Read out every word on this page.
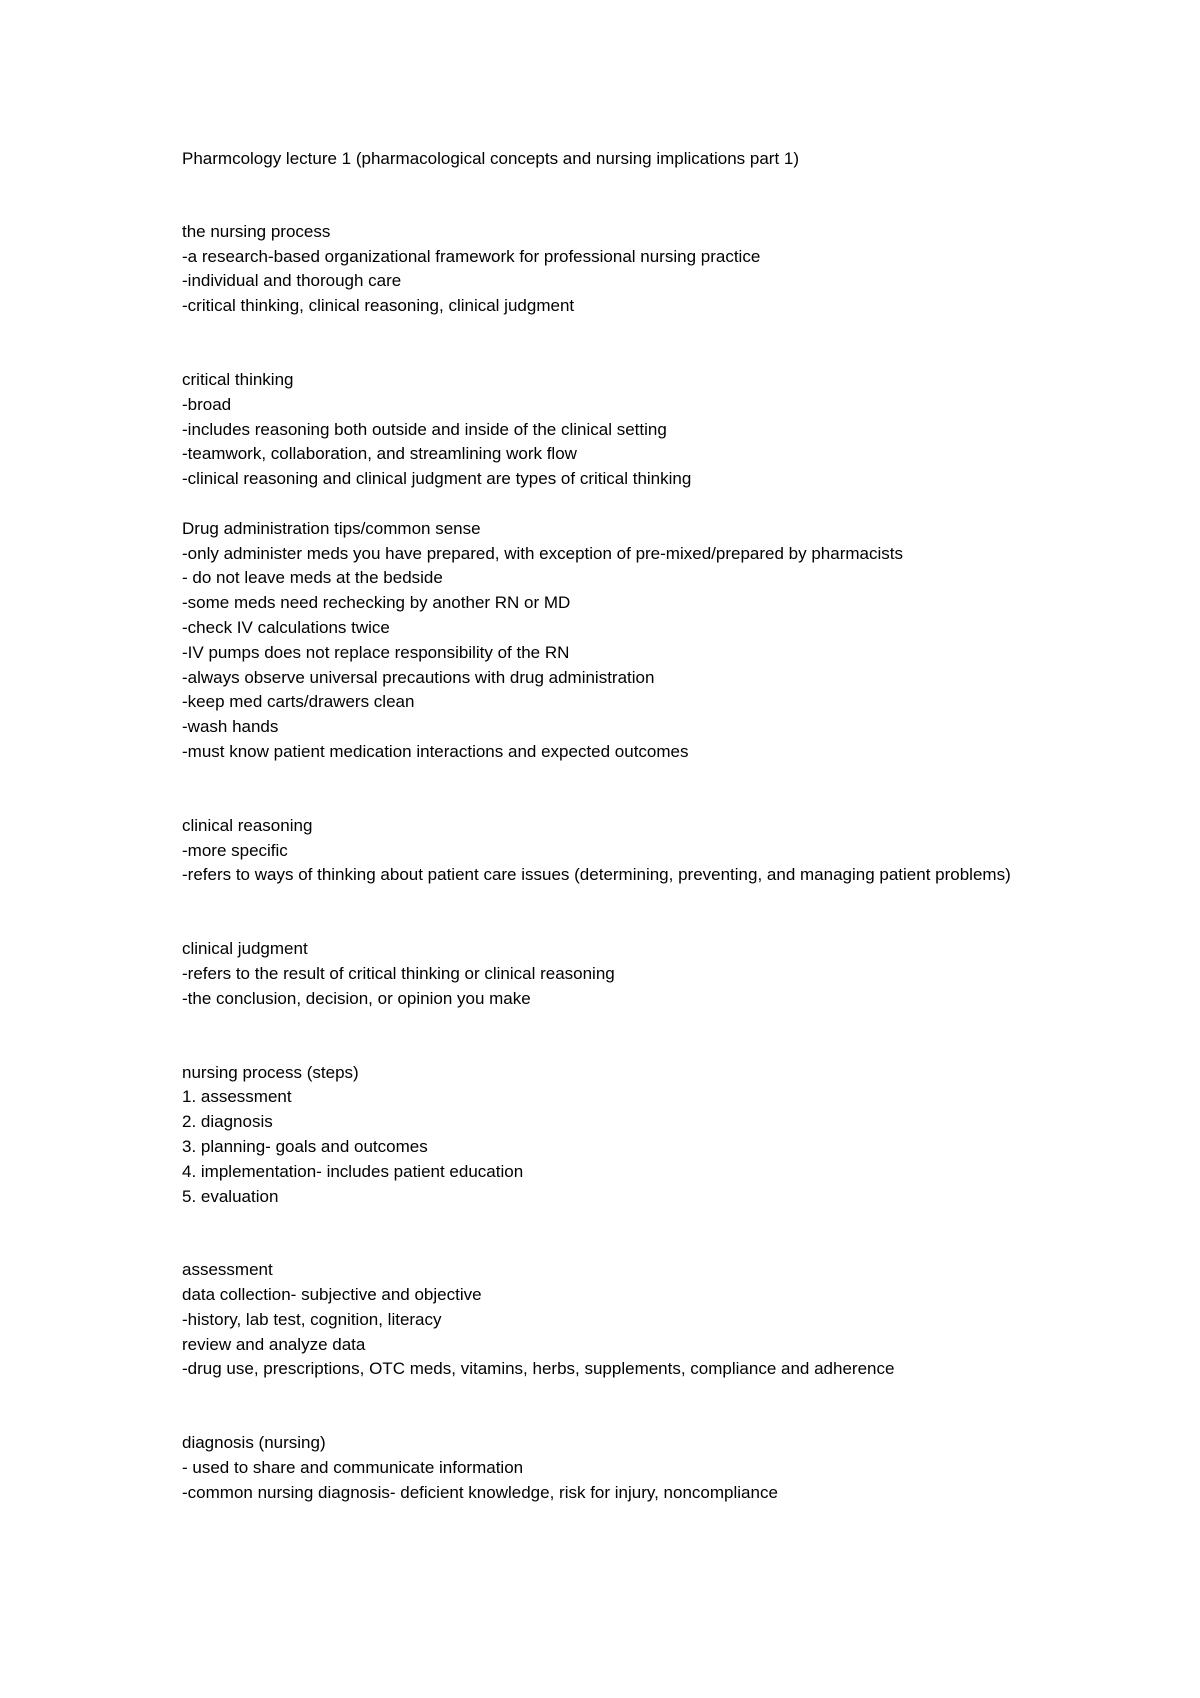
Pharmcology lecture 1 (pharmacological concepts and nursing implications part 1)

the nursing process

-a research-based organizational framework for professional nursing practice

-individual and thorough care

-critical thinking, clinical reasoning, clinical judgment

critical thinking

-broad

-includes reasoning both outside and inside of the clinical setting

-teamwork, collaboration, and streamlining work flow

-clinical reasoning and clinical judgment are types of critical thinking

Drug administration tips/common sense

-only administer meds you have prepared, with exception of pre-mixed/prepared by pharmacists

- do not leave meds at the bedside

-some meds need rechecking by another RN or MD

-check IV calculations twice

-IV pumps does not replace responsibility of the RN

-always observe universal precautions with drug administration

-keep med carts/drawers clean

-wash hands

-must know patient medication interactions and expected outcomes

clinical reasoning

-more specific

-refers to ways of thinking about patient care issues (determining, preventing, and managing patient problems)

clinical judgment

-refers to the result of critical thinking or clinical reasoning

-the conclusion, decision, or opinion you make

nursing process (steps)

1. assessment

2. diagnosis

3. planning- goals and outcomes

4. implementation- includes patient education

5. evaluation

assessment

data collection- subjective and objective

-history, lab test, cognition, literacy

review and analyze data

-drug use, prescriptions, OTC meds, vitamins, herbs, supplements, compliance and adherence

diagnosis (nursing)

- used to share and communicate information

-common nursing diagnosis- deficient knowledge, risk for injury, noncompliance
